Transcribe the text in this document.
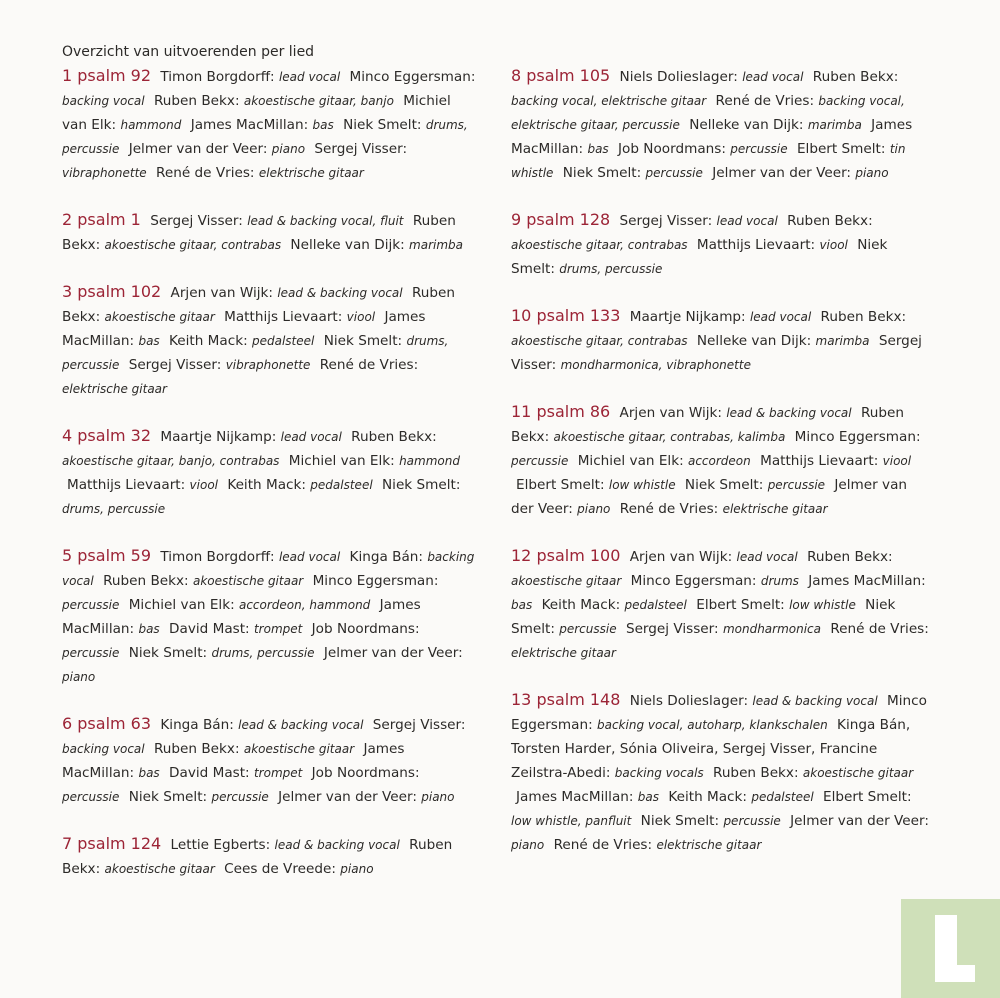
Overzicht van uitvoerenden per lied
1 psalm 92 Timon Borgdorff: lead vocal Minco Eggersman: backing vocal Ruben Bekx: akoestische gitaar, banjo Michiel van Elk: hammond James MacMillan: bas Niek Smelt: drums, percussie Jelmer van der Veer: piano Sergej Visser: vibraphonette René de Vries: elektrische gitaar
2 psalm 1 Sergej Visser: lead & backing vocal, fluit Ruben Bekx: akoestische gitaar, contrabas Nelleke van Dijk: marimba
3 psalm 102 Arjen van Wijk: lead & backing vocal Ruben Bekx: akoestische gitaar Matthijs Lievaart: viool James MacMillan: bas Keith Mack: pedalsteel Niek Smelt: drums, percussie Sergej Visser: vibraphonette René de Vries: elektrische gitaar
4 psalm 32 Maartje Nijkamp: lead vocal Ruben Bekx: akoestische gitaar, banjo, contrabas Michiel van Elk: hammond Matthijs Lievaart: viool Keith Mack: pedalsteel Niek Smelt: drums, percussie
5 psalm 59 Timon Borgdorff: lead vocal Kinga Bán: backing vocal Ruben Bekx: akoestische gitaar Minco Eggersman: percussie Michiel van Elk: accordeon, hammond James MacMillan: bas David Mast: trompet Job Noordmans: percussie Niek Smelt: drums, percussie Jelmer van der Veer: piano
6 psalm 63 Kinga Bán: lead & backing vocal Sergej Visser: backing vocal Ruben Bekx: akoestische gitaar James MacMillan: bas David Mast: trompet Job Noordmans: percussie Niek Smelt: percussie Jelmer van der Veer: piano
7 psalm 124 Lettie Egberts: lead & backing vocal Ruben Bekx: akoestische gitaar Cees de Vreede: piano
8 psalm 105 Niels Dolieslager: lead vocal Ruben Bekx: backing vocal, elektrische gitaar René de Vries: backing vocal, elektrische gitaar, percussie Nelleke van Dijk: marimba James MacMillan: bas Job Noordmans: percussie Elbert Smelt: tin whistle Niek Smelt: percussie Jelmer van der Veer: piano
9 psalm 128 Sergej Visser: lead vocal Ruben Bekx: akoestische gitaar, contrabas Matthijs Lievaart: viool Niek Smelt: drums, percussie
10 psalm 133 Maartje Nijkamp: lead vocal Ruben Bekx: akoestische gitaar, contrabas Nelleke van Dijk: marimba Sergej Visser: mondharmonica, vibraphonette
11 psalm 86 Arjen van Wijk: lead & backing vocal Ruben Bekx: akoestische gitaar, contrabas, kalimba Minco Eggersman: percussie Michiel van Elk: accordeon Matthijs Lievaart: viool Elbert Smelt: low whistle Niek Smelt: percussie Jelmer van der Veer: piano René de Vries: elektrische gitaar
12 psalm 100 Arjen van Wijk: lead vocal Ruben Bekx: akoestische gitaar Minco Eggersman: drums James MacMillan: bas Keith Mack: pedalsteel Elbert Smelt: low whistle Niek Smelt: percussie Sergej Visser: mondharmonica René de Vries: elektrische gitaar
13 psalm 148 Niels Dolieslager: lead & backing vocal Minco Eggersman: backing vocal, autoharp, klankschalen Kinga Bán, Torsten Harder, Sónia Oliveira, Sergej Visser, Francine Zeilstra-Abedi: backing vocals Ruben Bekx: akoestische gitaar James MacMillan: bas Keith Mack: pedalsteel Elbert Smelt: low whistle, panfluit Niek Smelt: percussie Jelmer van der Veer: piano René de Vries: elektrische gitaar
